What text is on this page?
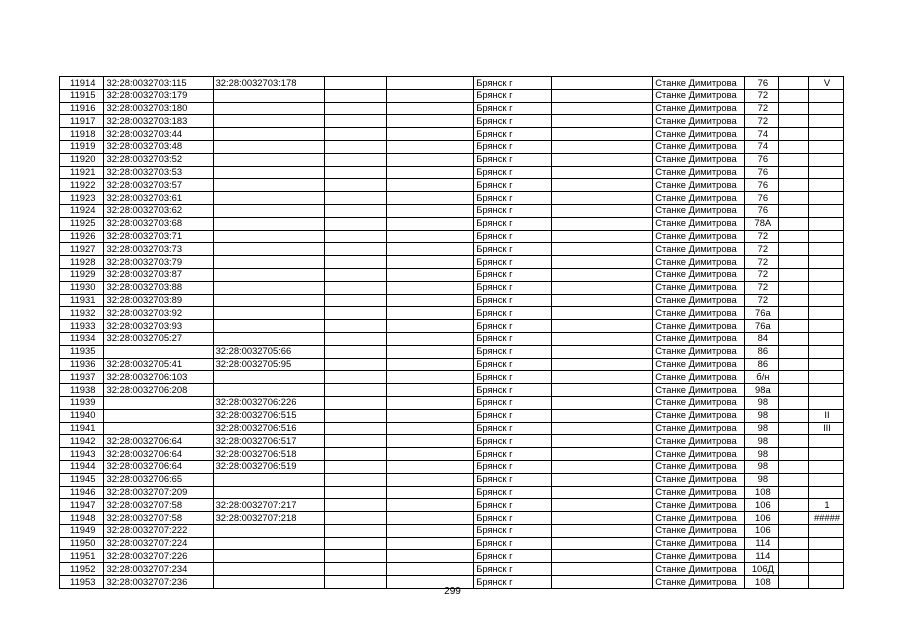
11914	32:28:0032703:115	32:28:0032703:178			Брянск г		Станке Димитрова	76		V
11915	32:28:0032703:179				Брянск г		Станке Димитрова	72		
11916	32:28:0032703:180				Брянск г		Станке Димитрова	72		
11917	32:28:0032703:183				Брянск г		Станке Димитрова	72		
11918	32:28:0032703:44				Брянск г		Станке Димитрова	74		
11919	32:28:0032703:48				Брянск г		Станке Димитрова	74		
11920	32:28:0032703:52				Брянск г		Станке Димитрова	76		
11921	32:28:0032703:53				Брянск г		Станке Димитрова	76		
11922	32:28:0032703:57				Брянск г		Станке Димитрова	76		
11923	32:28:0032703:61				Брянск г		Станке Димитрова	76		
11924	32:28:0032703:62				Брянск г		Станке Димитрова	76		
11925	32:28:0032703:68				Брянск г		Станке Димитрова	78А		
11926	32:28:0032703:71				Брянск г		Станке Димитрова	72		
11927	32:28:0032703:73				Брянск г		Станке Димитрова	72		
11928	32:28:0032703:79				Брянск г		Станке Димитрова	72		
11929	32:28:0032703:87				Брянск г		Станке Димитрова	72		
11930	32:28:0032703:88				Брянск г		Станке Димитрова	72		
11931	32:28:0032703:89				Брянск г		Станке Димитрова	72		
11932	32:28:0032703:92				Брянск г		Станке Димитрова	76а		
11933	32:28:0032703:93				Брянск г		Станке Димитрова	76а		
11934	32:28:0032705:27				Брянск г		Станке Димитрова	84		
11935		32:28:0032705:66			Брянск г		Станке Димитрова	86		
11936	32:28:0032705:41	32:28:0032705:95			Брянск г		Станке Димитрова	86		
11937	32:28:0032706:103				Брянск г		Станке Димитрова	б/н		
11938	32:28:0032706:208				Брянск г		Станке Димитрова	98а		
11939		32:28:0032706:226			Брянск г		Станке Димитрова	98		
11940		32:28:0032706:515			Брянск г		Станке Димитрова	98		II
11941		32:28:0032706:516			Брянск г		Станке Димитрова	98		III
11942	32:28:0032706:64	32:28:0032706:517			Брянск г		Станке Димитрова	98		
11943	32:28:0032706:64	32:28:0032706:518			Брянск г		Станке Димитрова	98		
11944	32:28:0032706:64	32:28:0032706:519			Брянск г		Станке Димитрова	98		
11945	32:28:0032706:65				Брянск г		Станке Димитрова	98		
11946	32:28:0032707:209				Брянск г		Станке Димитрова	108		
11947	32:28:0032707:58	32:28:0032707:217			Брянск г		Станке Димитрова	106		1
11948	32:28:0032707:58	32:28:0032707:218			Брянск г		Станке Димитрова	106		#####
11949	32:28:0032707:222				Брянск г		Станке Димитрова	106		
11950	32:28:0032707:224				Брянск г		Станке Димитрова	114		
11951	32:28:0032707:226				Брянск г		Станке Димитрова	114		
11952	32:28:0032707:234				Брянск г		Станке Димитрова	106Д		
11953	32:28:0032707:236				Брянск г		Станке Димитрова	108		
299
